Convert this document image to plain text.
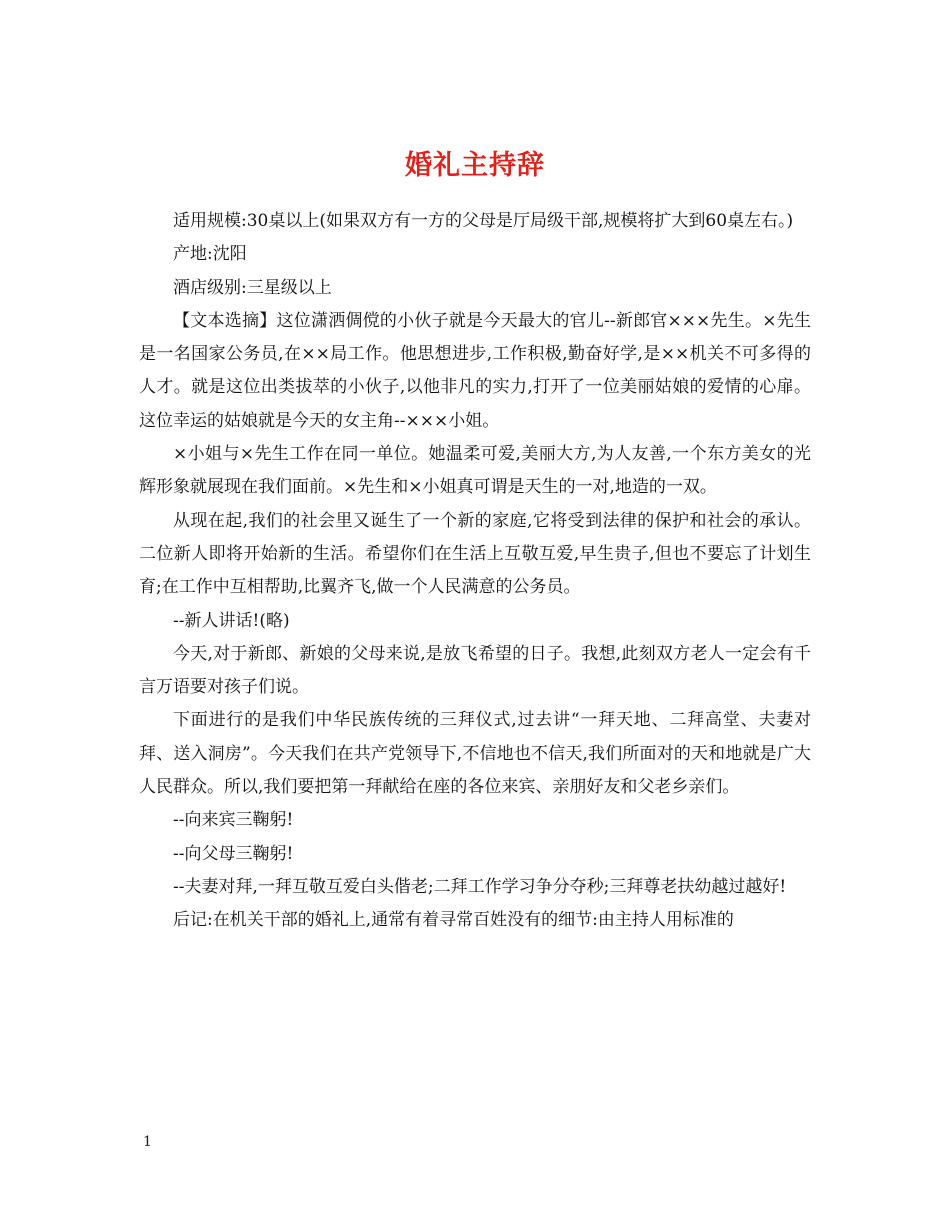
婚礼主持辞

适用规模:30桌以上(如果双方有一方的父母是厅局级干部,规模将扩大到60桌左右。)

产地:沈阳

酒店级别:三星级以上

【文本选摘】这位潇洒倜傥的小伙子就是今天最大的官儿--新郎官×××先生。×先生是一名国家公务员,在××局工作。他思想进步,工作积极,勤奋好学,是××机关不可多得的人才。就是这位出类拔萃的小伙子,以他非凡的实力,打开了一位美丽姑娘的爱情的心扉。这位幸运的姑娘就是今天的女主角--×××小姐。

×小姐与×先生工作在同一单位。她温柔可爱,美丽大方,为人友善,一个东方美女的光辉形象就展现在我们面前。×先生和×小姐真可谓是天生的一对,地造的一双。

从现在起,我们的社会里又诞生了一个新的家庭,它将受到法律的保护和社会的承认。二位新人即将开始新的生活。希望你们在生活上互敬互爱,早生贵子,但也不要忘了计划生育;在工作中互相帮助,比翼齐飞,做一个人民满意的公务员。

--新人讲话!(略)

今天,对于新郎、新娘的父母来说,是放飞希望的日子。我想,此刻双方老人一定会有千言万语要对孩子们说。

下面进行的是我们中华民族传统的三拜仪式,过去讲“一拜天地、二拜高堂、夫妻对拜、送入洞房”。今天我们在共产党领导下,不信地也不信天,我们所面对的天和地就是广大人民群众。所以,我们要把第一拜献给在座的各位来宾、亲朋好友和父老乡亲们。

--向来宾三鞠躬!

--向父母三鞠躬!

--夫妻对拜,一拜互敬互爱白头偕老;二拜工作学习争分夺秒;三拜尊老扶幼越过越好!

后记:在机关干部的婚礼上,通常有着寻常百姓没有的细节:由主持人用标准的

1
